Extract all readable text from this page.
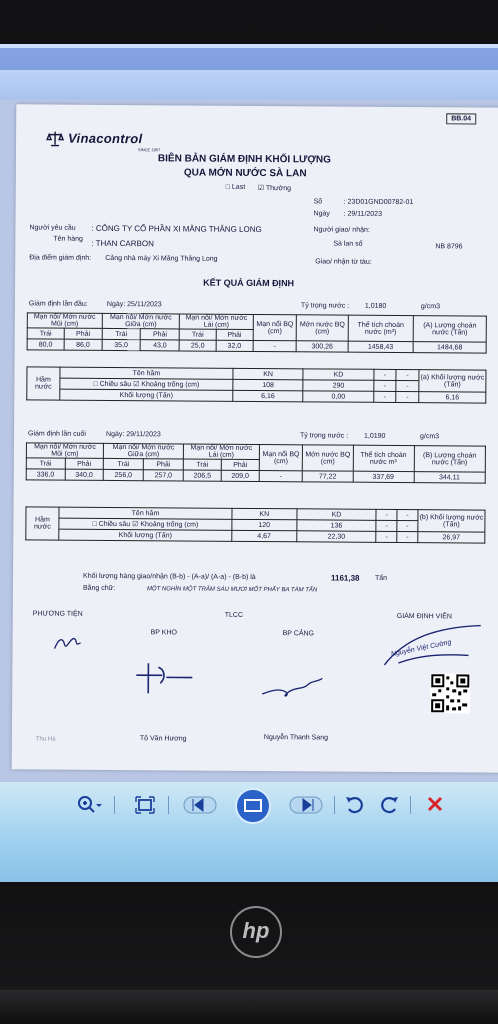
BB.04
Vinacontrol
SINCE 1957
BIÊN BẢN GIÁM ĐỊNH KHỐI LƯỢNG
QUA MỚN NƯỚC SÀ LAN
□ Last ☑ Thường
Số	: 23D01GND00782-01
Ngày : 29/11/2023
Người yêu cầu : CÔNG TY CỔ PHẦN XI MĂNG THĂNG LONG
Tên hàng : THAN CARBON
Người giao/ nhận:
Sà lan số	NB 8796
Địa điểm giám định: Cảng nhà máy Xi Măng Thăng Long	Giao/ nhận từ tàu:
KẾT QUẢ GIÁM ĐỊNH
Giám định lần đầu:	Ngày: 25/11/2023	Tỷ trọng nước : 1,0180	g/cm3
Mạn nổi/ Mớn nước Mũi (cm)		Mạn nổi/ Mớn nước Giữa (cm)		Mạn nổi/ Mớn nước Lái (cm)		Mạn nổi BQ (cm)	Mớn nước BQ (cm)	Thể tích choán nước (m³)	(A) Lượng choán nước (Tấn)
Trái	Phải	Trái	Phải	Trái	Phải				
80,0	86,0	35,0	43,0	25,0	32,0	-	300,26	1458,43	1484,68
Hầm nước	Tên hầm	KN	KD	-	-	(a) Khối lượng nước (Tấn)
	□ Chiều sâu ☑ Khoảng trống (cm)	108	290	-	-	
	Khối lượng (Tấn)	6,16	0,00	-	-	6,16
Giám định lần cuối	Ngày: 29/11/2023	Tỷ trọng nước : 1,0190	g/cm3
Mạn nổi/ Mớn nước Mũi (cm)		Mạn nổi/ Mớn nước Giữa (cm)		Mạn nổi/ Mớn nước Lái (cm)		Mạn nổi BQ (cm)	Mớn nước BQ (cm)	Thể tích choán nước m³	(B) Lượng choán nước (Tấn)
Trái	Phải	Trái	Phải	Trái	Phải				
336,0	340,0	256,0	257,0	206,5	209,0	-	77,22	337,69	344,11
Hầm nước	Tên hầm	KN	KD	-	-	(b) Khối lượng nước (Tấn)
	□ Chiều sâu ☑ Khoảng trống (cm)	120	136	-	-	
	Khối lượng (Tấn)	4,67	22,30	-	-	26,97
Khối lượng hàng giao/nhận (B-b) - (A-a)/ (A-a) - (B-b) là	1161,38 Tấn
Bằng chữ:	MỘT NGHÌN MỘT TRĂM SÁU MƯƠI MỐT PHẨY BA TÁM TẤN
PHƯƠNG TIỆN	TLCC	GIÁM ĐỊNH VIÊN
BP KHO	BP CẢNG
Nguyễn Việt Cường
Thu Hà	Tô Văn Hương	Nguyễn Thanh Sang
hp
